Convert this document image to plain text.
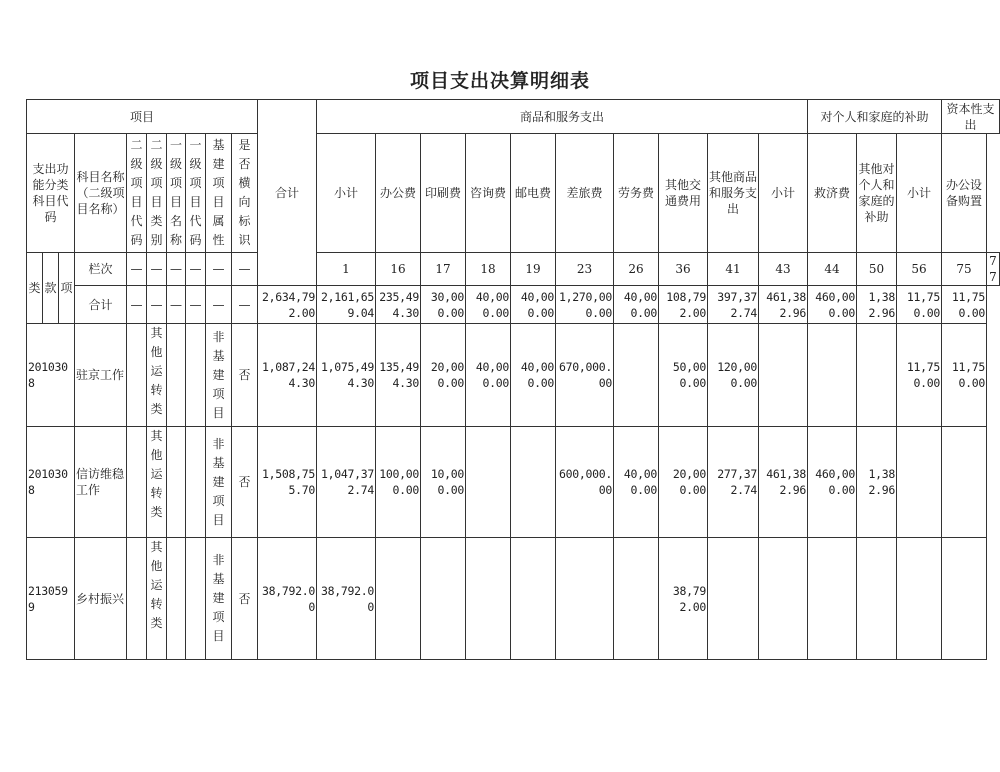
项目支出决算明细表
项目										合计	商品和服务支出										对个人和家庭的补助			资本性支出	
支出功能分类科目代码			科目名称（二级项目名称）	二级项目代码	二级项目类别	一级项目名称	一级项目代码	基建项目属性	是否横向标识		小计	办公费	印刷费	咨询费	邮电费	差旅费	劳务费	其他交通费用	其他商品和服务支出	小计	救济费	其他对个人和家庭的补助	小计	办公设备购置	
类	款	项	栏次	—	—	—	—	—	—		1	16	17	18	19	23	26	36	41	43	44	50	56	75	77
			合计	—	—	—	—	—	—	2,634,792.00	2,161,659.04	235,494.30	30,000.00	40,000.00	40,000.00	1,270,000.00	40,000.00	108,792.00	397,372.74	461,382.96	460,000.00	1,382.96	11,750.00	11,750.00	
2010308			驻京工作		其他运转类			非基建项目	否	1,087,244.30	1,075,494.30	135,494.30	20,000.00	40,000.00	40,000.00	670,000.00		50,000.00	120,000.00				11,750.00	11,750.00	
2010308			信访维稳工作		其他运转类			非基建项目	否	1,508,755.70	1,047,372.74	100,000.00	10,000.00			600,000.00	40,000.00	20,000.00	277,372.74	461,382.96	460,000.00	1,382.96			
2130599			乡村振兴		其他运转类			非基建项目	否	38,792.00	38,792.00							38,792.00							
